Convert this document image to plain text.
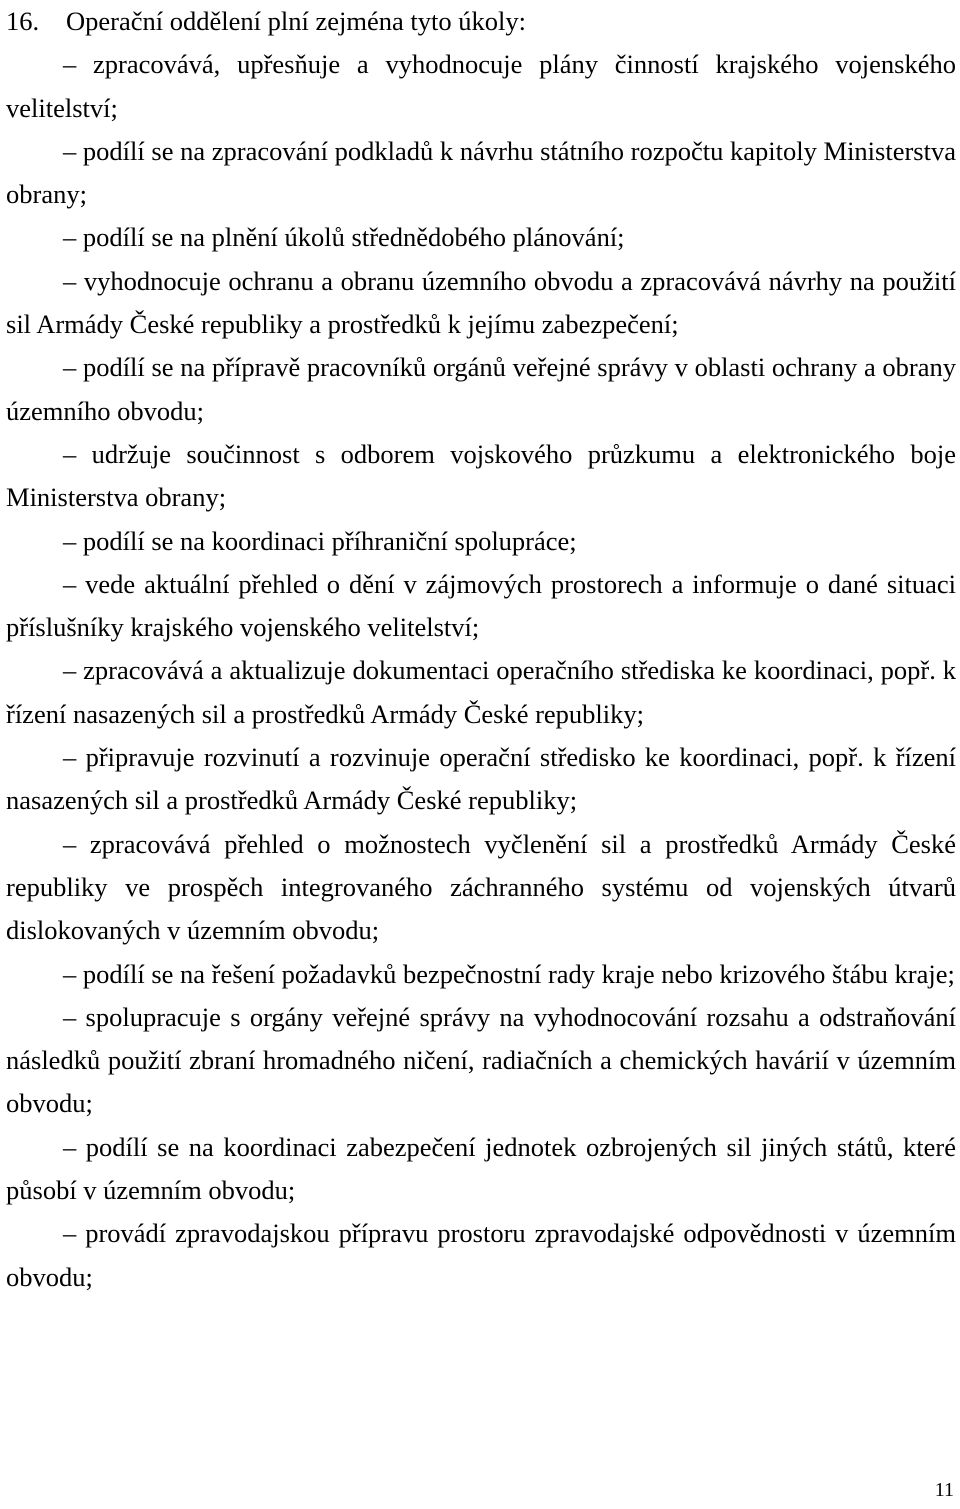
16. Operační oddělení plní zejména tyto úkoly:

– zpracovává, upřesňuje a vyhodnocuje plány činností krajského vojenského velitelství;

– podílí se na zpracování podkladů k návrhu státního rozpočtu kapitoly Ministerstva obrany;

– podílí se na plnění úkolů střednědobého plánování;

– vyhodnocuje ochranu a obranu územního obvodu a zpracovává návrhy na použití sil Armády České republiky a prostředků k jejímu zabezpečení;

– podílí se na přípravě pracovníků orgánů veřejné správy v oblasti ochrany a obrany územního obvodu;

– udržuje součinnost s odborem vojskového průzkumu a elektronického boje Ministerstva obrany;

– podílí se na koordinaci příhraniční spolupráce;

– vede aktuální přehled o dění v zájmových prostorech a informuje o dané situaci příslušníky krajského vojenského velitelství;

– zpracovává a aktualizuje dokumentaci operačního střediska ke koordinaci, popř. k řízení nasazených sil a prostředků Armády České republiky;

– připravuje rozvinutí a rozvinuje operační středisko ke koordinaci, popř. k řízení nasazených sil a prostředků Armády České republiky;

– zpracovává přehled o možnostech vyčlenění sil a prostředků Armády České republiky ve prospěch integrovaného záchranného systému od vojenských útvarů dislokovaných v územním obvodu;

– podílí se na řešení požadavků bezpečnostní rady kraje nebo krizového štábu kraje;

– spolupracuje s orgány veřejné správy na vyhodnocování rozsahu a odstraňování následků použití zbraní hromadného ničení, radiačních a chemických havárií v územním obvodu;

– podílí se na koordinaci zabezpečení jednotek ozbrojených sil jiných států, které působí v územním obvodu;

– provádí zpravodajskou přípravu prostoru zpravodajské odpovědnosti v územním obvodu;

11
